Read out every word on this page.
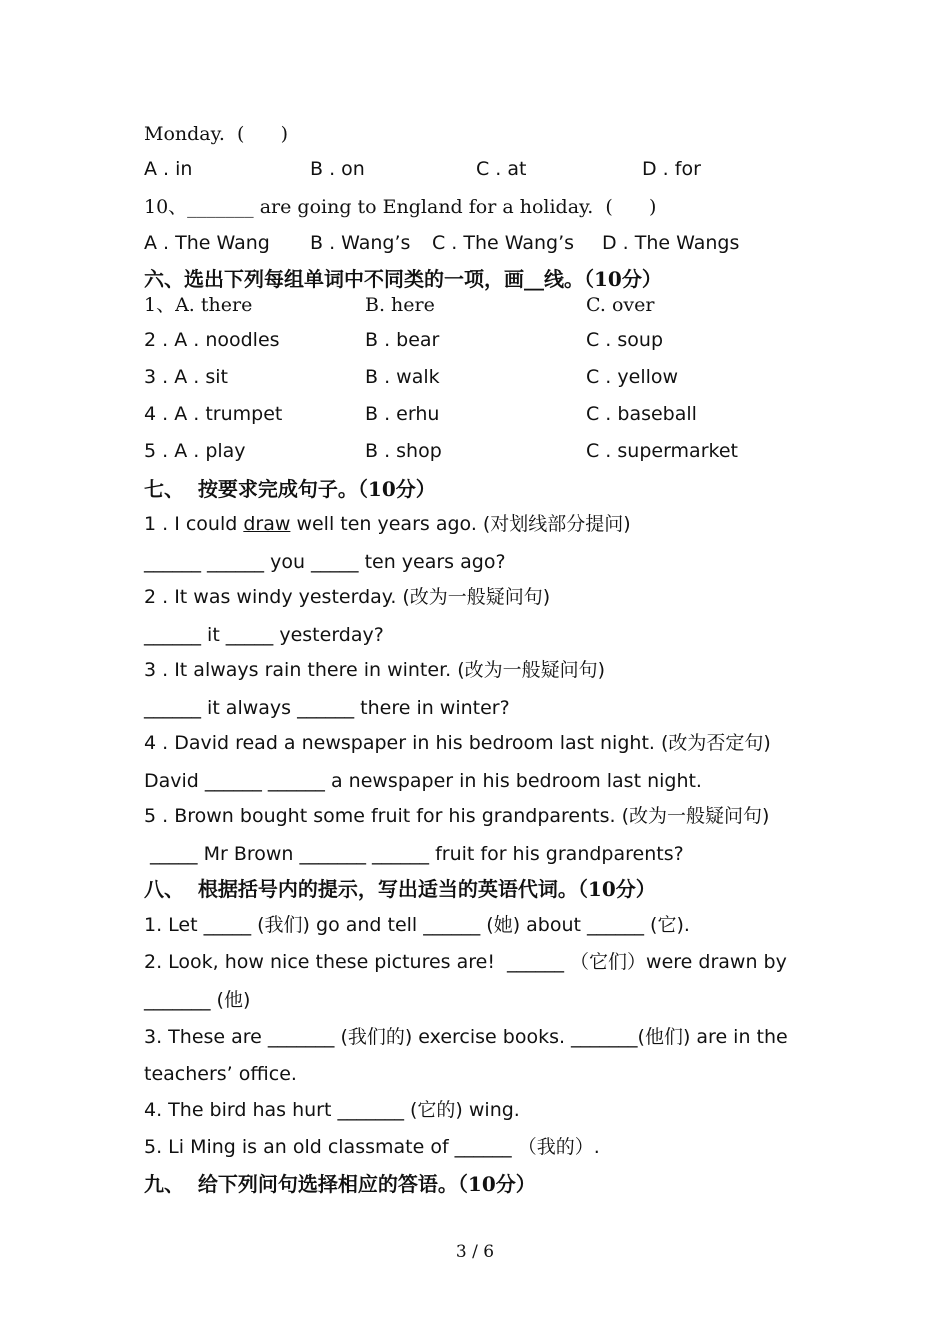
Monday.  (      )
A . in	B . on	C . at	D . for
10、_______ are going to England for a holiday.  (      )
A . The Wang B . Wang’s C . The Wang’s D . The Wangs
六、选出下列每组单词中不同类的一项，画__线。（10分）
1、A. there	B. here	C. over
2 . A . noodles	B . bear	C . soup
3 . A . sit	B . walk	C . yellow
4 . A . trumpet	B . erhu	C . baseball
5 . A . play	B . shop	C . supermarket
七、  按要求完成句子。（10分）
1 . I could draw well ten years ago. (对划线部分提问)
______ ______ you _____ ten years ago?
2 . It was windy yesterday. (改为一般疑问句)
______ it _____ yesterday?
3 . It always rain there in winter. (改为一般疑问句)
______ it always ______ there in winter?
4 . David read a newspaper in his bedroom last night. (改为否定句)
David ______ ______ a newspaper in his bedroom last night.
5 . Brown bought some fruit for his grandparents. (改为一般疑问句)
_____ Mr Brown _______ ______ fruit for his grandparents?
八、  根据括号内的提示，写出适当的英语代词。（10分）
1. Let _____ (我们) go and tell ______ (她) about ______ (它).
2. Look, how nice these pictures are!  ______ （它们）were drawn by
_______ (他)
3. These are _______ (我们的) exercise books. _______(他们) are in the
teachers’ office.
4. The bird has hurt _______ (它的) wing.
5. Li Ming is an old classmate of ______ （我的）.
九、  给下列问句选择相应的答语。（10分）
3 / 6
